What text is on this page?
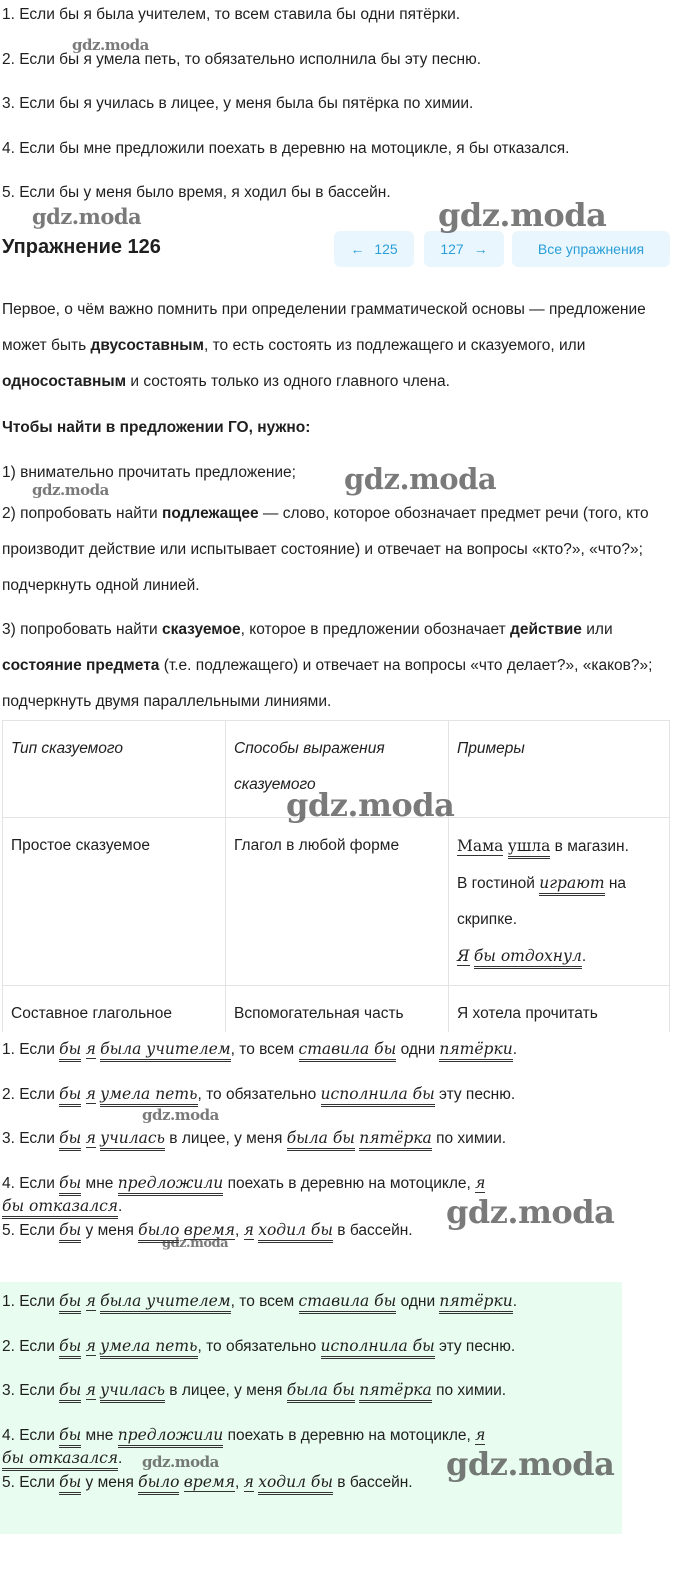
1. Если бы я была учителем, то всем ставила бы одни пятёрки.

2. Если бы я умела петь, то обязательно исполнила бы эту песню.

3. Если бы я училась в лицее, у меня была бы пятёрка по химии.

4. Если бы мне предложили поехать в деревню на мотоцикле, я бы отказался.

5. Если бы у меня было время, я ходил бы в бассейн.

Упражнение 126	← 125	127 →	Все упражнения

Первое, о чём важно помнить при определении грамматической основы — предложение может быть двусоставным, то есть состоять из подлежащего и сказуемого, или односоставным и состоять только из одного главного члена.

Чтобы найти в предложении ГО, нужно:

1) внимательно прочитать предложение;

2) попробовать найти подлежащее — слово, которое обозначает предмет речи (того, кто производит действие или испытывает состояние) и отвечает на вопросы «кто?», «что?»; подчеркнуть одной линией.

3) попробовать найти сказуемое, которое в предложении обозначает действие или состояние предмета (т.е. подлежащего) и отвечает на вопросы «что делает?», «каков?»; подчеркнуть двумя параллельными линиями.

Тип сказуемого	Способы выражения сказуемого	Примеры
Простое сказуемое	Глагол в любой форме	Мама ушла в магазин.
В гостиной играют на скрипке.
Я бы отдохнул.

Составное глагольное	Вспомогательная часть	Я хотела прочитать

1. Если бы я была учителем, то всем ставила бы одни пятёрки.

2. Если бы я умела петь, то обязательно исполнила бы эту песню.

3. Если бы я училась в лицее, у меня была бы пятёрка по химии.

4. Если бы мне предложили поехать в деревню на мотоцикле, я
бы отказался.

5. Если бы у меня было время, я ходил бы в бассейн.

1. Если бы я была учителем, то всем ставила бы одни пятёрки.

2. Если бы я умела петь, то обязательно исполнила бы эту песню.

3. Если бы я училась в лицее, у меня была бы пятёрка по химии.

4. Если бы мне предложили поехать в деревню на мотоцикле, я
бы отказался.

5. Если бы у меня было время, я ходил бы в бассейн.

gdz.moda
gdz.moda	gdz.moda
gdz.moda
gdz.moda
gdz.moda
gdz.moda
gdz.moda
gdz.moda
gdz.moda	gdz.moda
